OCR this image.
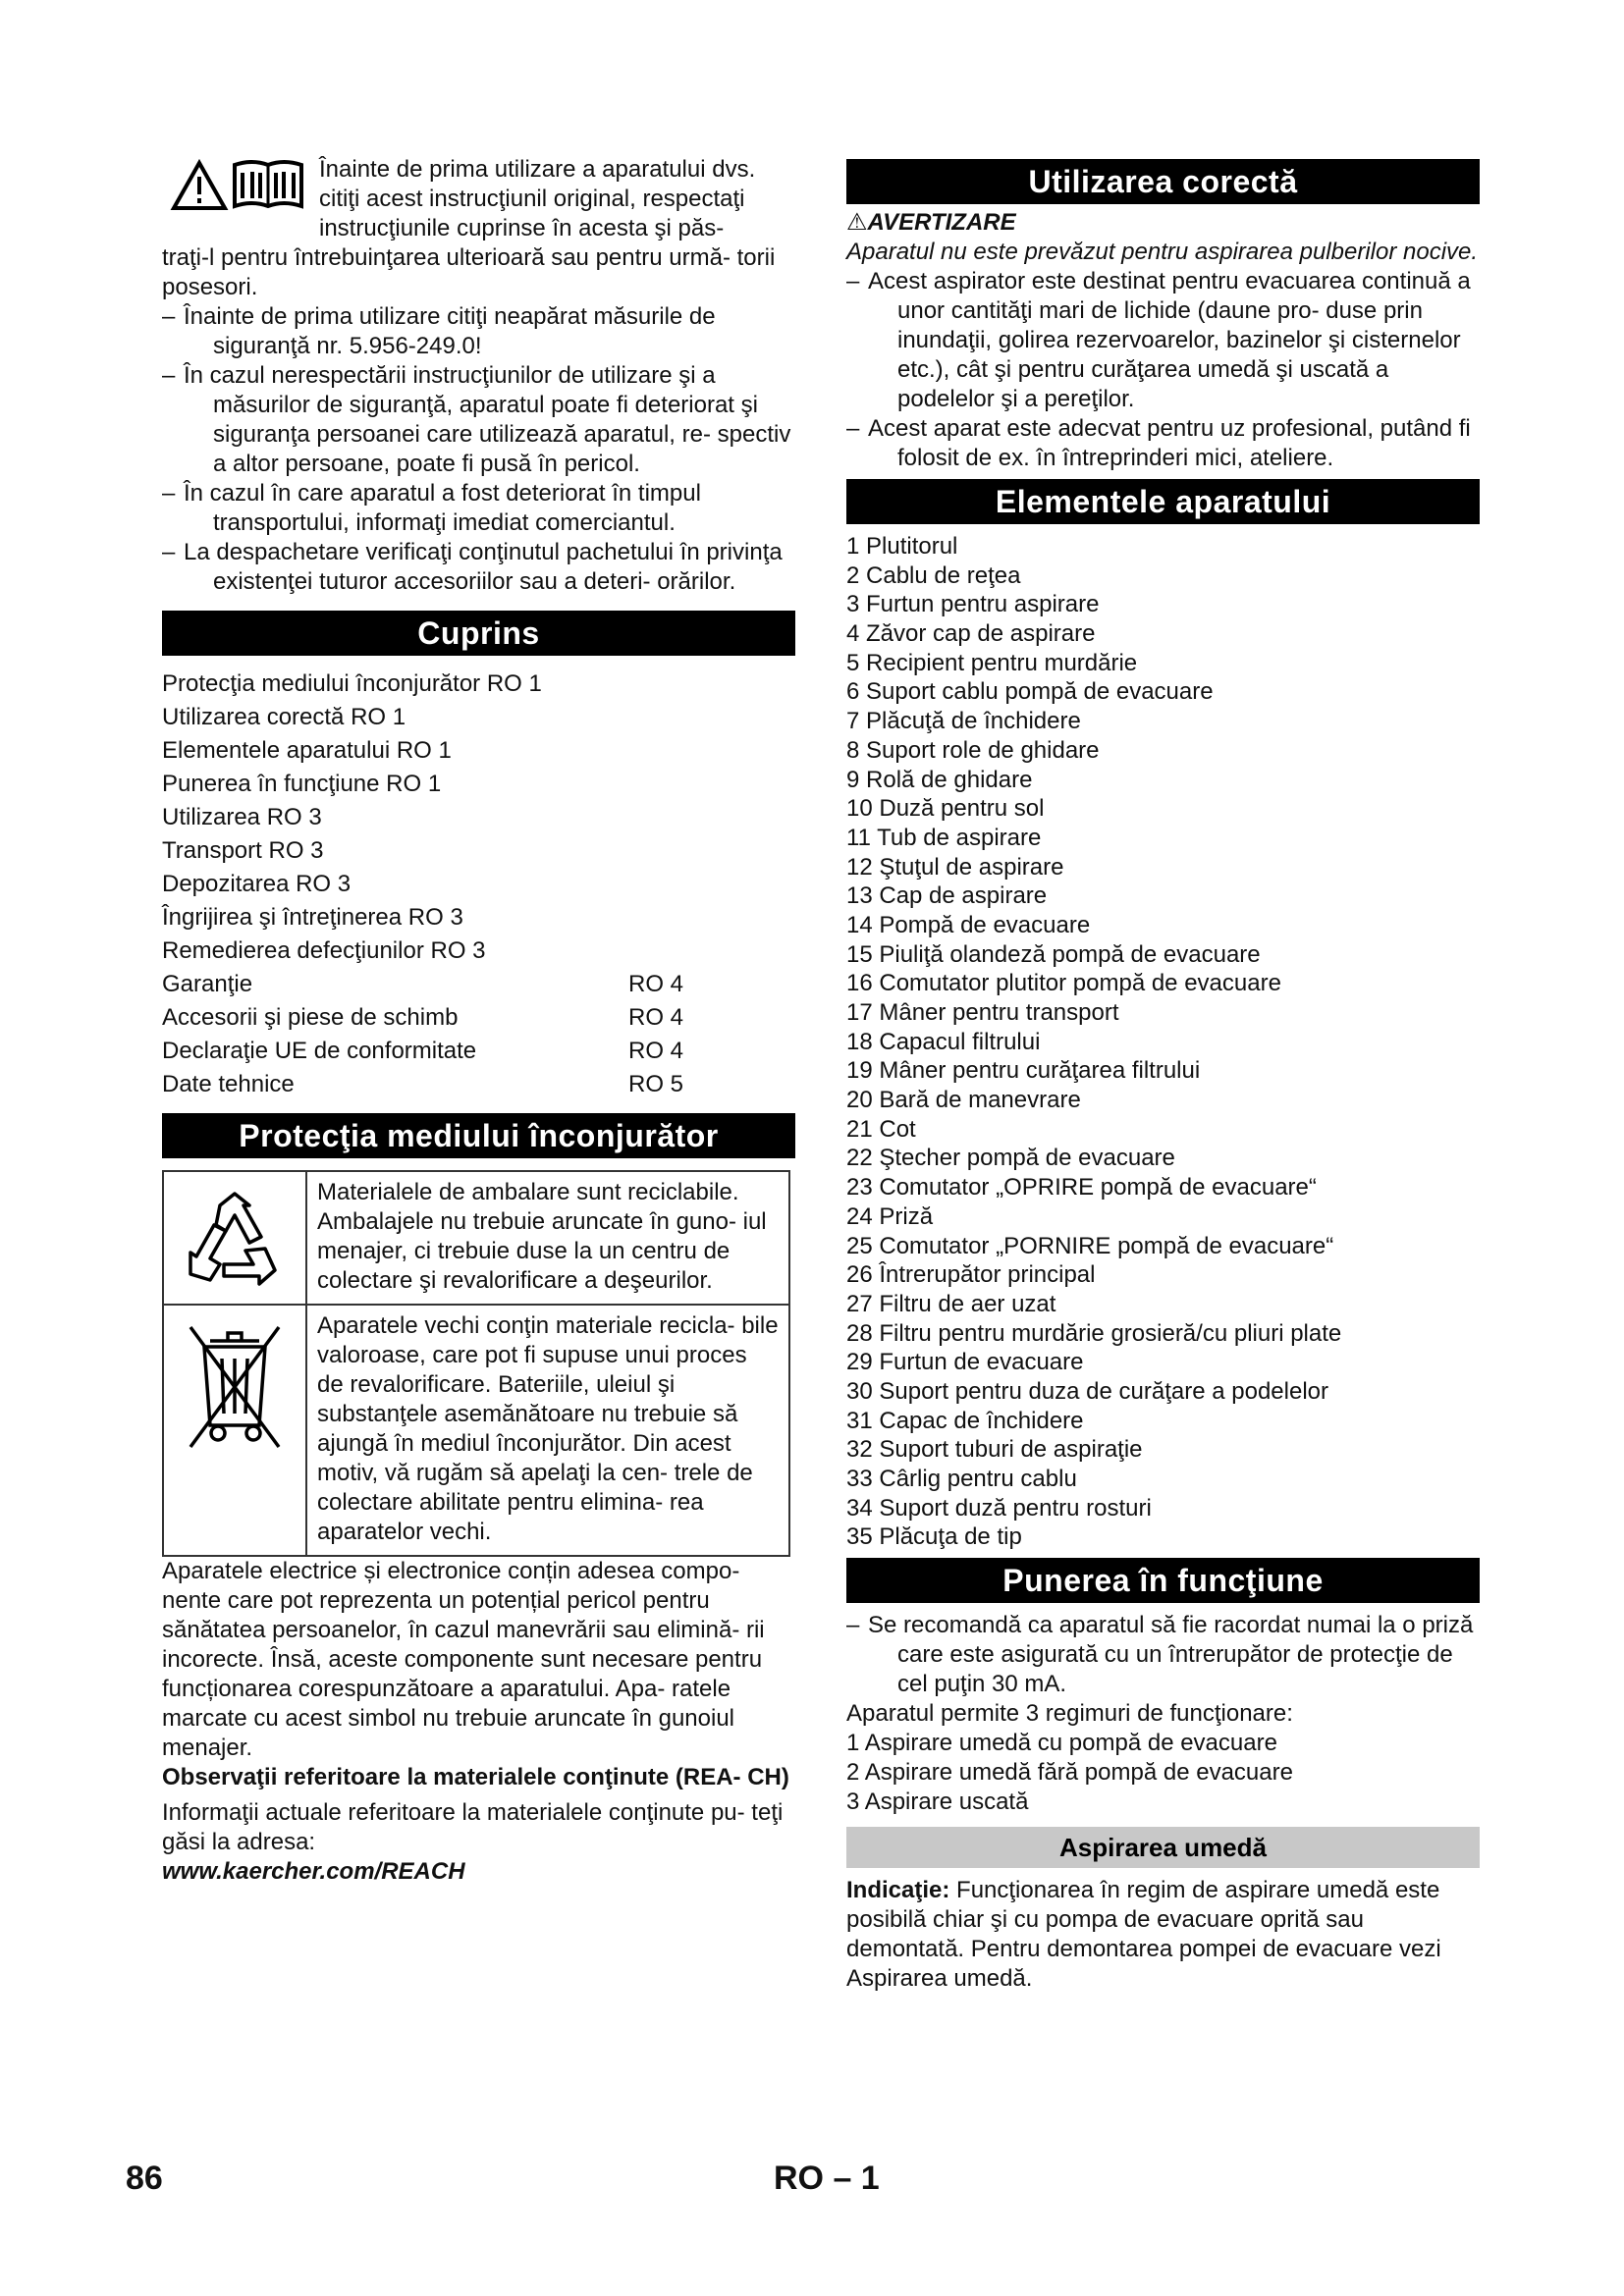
Înainte de prima utilizare a aparatului dvs.

citiţi acest instrucţiunil original, respectaţi

instrucţiunile cuprinse în acesta şi păs-

traţi-l pentru întrebuinţarea ulterioară sau pentru urmă- torii posesori.

– Înainte de prima utilizare citiţi neapărat măsurile de siguranţă nr. 5.956-249.0!

– În cazul nerespectării instrucţiunilor de utilizare şi a măsurilor de siguranţă, aparatul poate fi deteriorat şi siguranţa persoanei care utilizează aparatul, re- spectiv a altor persoane, poate fi pusă în pericol.

– În cazul în care aparatul a fost deteriorat în timpul transportului, informaţi imediat comerciantul.

– La despachetare verificaţi conţinutul pachetului în privinţa existenţei tuturor accesoriilor sau a deteri- orărilor.

Cuprins
Protecţia mediului înconjurător RO 1
Utilizarea corectă RO 1
Elementele aparatului RO 1
Punerea în funcţiune RO 1
Utilizarea RO 3
Transport RO 3
Depozitarea RO 3
Îngrijirea şi întreţinerea RO 3
Remedierea defecţiunilor RO 3
Garanţie	RO 4
Accesorii şi piese de schimb	RO 4
Declaraţie UE de conformitate	RO 4
Date tehnice	RO 5
Protecţia mediului înconjurător
	Materialele de ambalare sunt reciclabile. Ambalajele nu trebuie aruncate în guno- iul menajer, ci trebuie duse la un centru de colectare şi revalorificare a deşeurilor.
	Aparatele vechi conţin materiale recicla- bile valoroase, care pot fi supuse unui proces de revalorificare. Bateriile, uleiul şi substanţele asemănătoare nu trebuie să ajungă în mediul înconjurător. Din acest motiv, vă rugăm să apelaţi la cen- trele de colectare abilitate pentru elimina- rea aparatelor vechi.

Aparatele electrice și electronice conțin adesea compo- nente care pot reprezenta un potențial pericol pentru sănătatea persoanelor, în cazul manevrării sau elimină- rii incorecte. Însă, aceste componente sunt necesare pentru funcționarea corespunzătoare a aparatului. Apa- ratele marcate cu acest simbol nu trebuie aruncate în gunoiul menajer.

Observaţii referitoare la materialele conţinute (REA- CH)

Informaţii actuale referitoare la materialele conţinute pu- teţi găsi la adresa:

www.kaercher.com/REACH

Utilizarea corectă

⚠AVERTIZARE

Aparatul nu este prevăzut pentru aspirarea pulberilor nocive.

– Acest aspirator este destinat pentru evacuarea continuă a unor cantităţi mari de lichide (daune pro- duse prin inundaţii, golirea rezervoarelor, bazinelor şi cisternelor etc.), cât şi pentru curăţarea umedă şi uscată a podelelor şi a pereţilor.

– Acest aparat este adecvat pentru uz profesional, putând fi folosit de ex. în întreprinderi mici, ateliere.

Elementele aparatului
1 Plutitorul
2 Cablu de reţea
3 Furtun pentru aspirare
4 Zăvor cap de aspirare
5 Recipient pentru murdărie
6 Suport cablu pompă de evacuare
7 Plăcuţă de închidere
8 Suport role de ghidare
9 Rolă de ghidare
10 Duză pentru sol
11 Tub de aspirare
12 Ştuţul de aspirare
13 Cap de aspirare
14 Pompă de evacuare
15 Piuliţă olandeză pompă de evacuare
16 Comutator plutitor pompă de evacuare
17 Mâner pentru transport
18 Capacul filtrului
19 Mâner pentru curăţarea filtrului
20 Bară de manevrare
21 Cot
22 Ştecher pompă de evacuare
23 Comutator „OPRIRE pompă de evacuare“
24 Priză
25 Comutator „PORNIRE pompă de evacuare“
26 Întrerupător principal
27 Filtru de aer uzat
28 Filtru pentru murdărie grosieră/cu pliuri plate
29 Furtun de evacuare
30 Suport pentru duza de curăţare a podelelor
31 Capac de închidere
32 Suport tuburi de aspiraţie
33 Cârlig pentru cablu
34 Suport duză pentru rosturi
35 Plăcuţa de tip
Punerea în funcţiune

– Se recomandă ca aparatul să fie racordat numai la o priză care este asigurată cu un întrerupător de protecţie de cel puţin 30 mA.

Aparatul permite 3 regimuri de funcţionare:

1 Aspirare umedă cu pompă de evacuare

2 Aspirare umedă fără pompă de evacuare

3 Aspirare uscată

Aspirarea umedă

Indicaţie: Funcţionarea în regim de aspirare umedă este posibilă chiar şi cu pompa de evacuare oprită sau demontată. Pentru demontarea pompei de evacuare vezi Aspirarea umedă.

86	RO – 1
